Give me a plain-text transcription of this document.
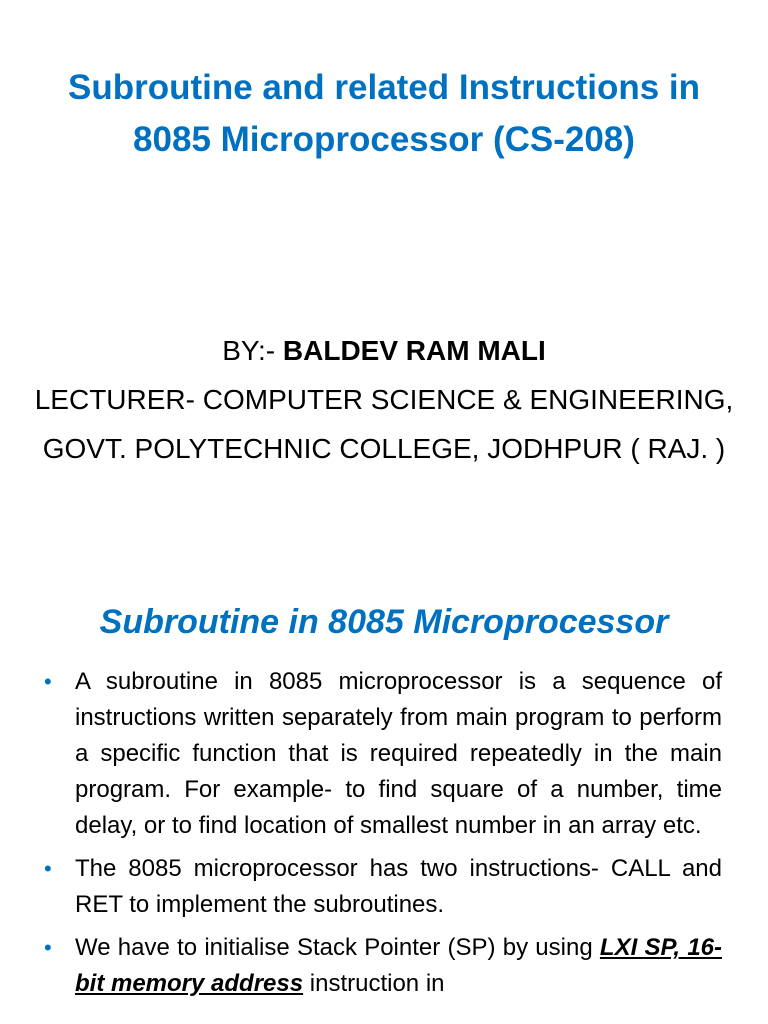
Subroutine and related Instructions in
8085 Microprocessor (CS-208)
BY:- BALDEV RAM MALI
LECTURER- COMPUTER SCIENCE & ENGINEERING,
GOVT. POLYTECHNIC COLLEGE, JODHPUR ( RAJ. )
Subroutine in 8085 Microprocessor
• A subroutine in 8085 microprocessor is a sequence of instructions written separately from main program to perform a specific function that is required repeatedly in the main program. For example- to find square of a number, time delay, or to find location of smallest number in an array etc.
• The 8085 microprocessor has two instructions- CALL and RET to implement the subroutines.
• We have to initialise Stack Pointer (SP) by using LXI SP, 16-bit memory address instruction in
